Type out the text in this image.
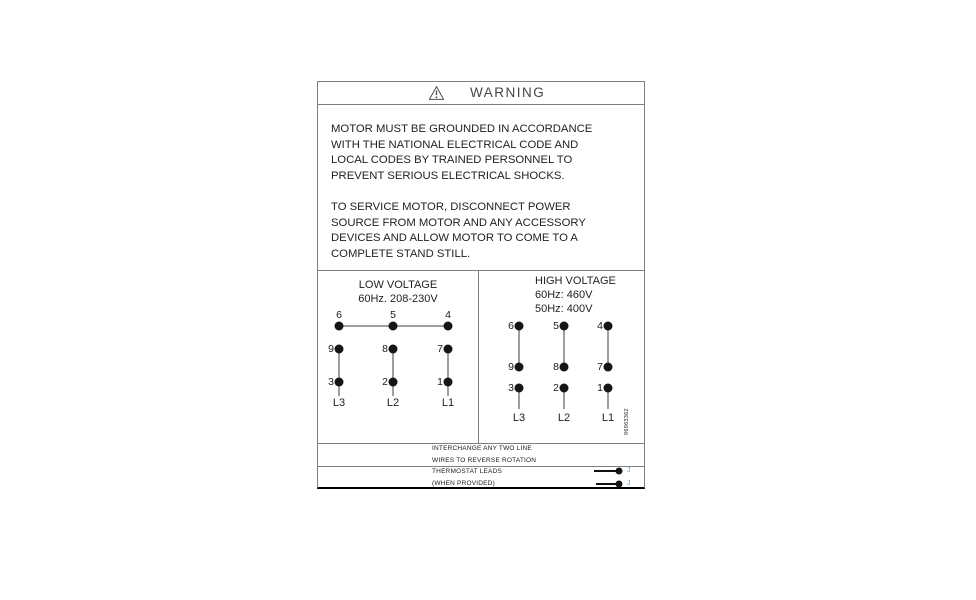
WARNING
MOTOR MUST BE GROUNDED IN ACCORDANCE
WITH THE NATIONAL ELECTRICAL CODE AND
LOCAL CODES BY TRAINED PERSONNEL TO
PREVENT SERIOUS ELECTRICAL SHOCKS.
TO SERVICE MOTOR, DISCONNECT POWER
SOURCE FROM MOTOR AND ANY ACCESSORY
DEVICES AND ALLOW MOTOR TO COME TO A
COMPLETE STAND STILL.
LOW VOLTAGE
60Hz. 208-230V
6	5	4
9	8	7
3	2	1
L3	L2	L1
HIGH VOLTAGE
60Hz: 460V
50Hz: 400V
6	5	4
9	8	7
3	2	1
L3	L2	L1 96963362
INTERCHANGE ANY TWO LINE
WIRES TO REVERSE ROTATION
THERMOSTAT LEADS
(WHEN PROVIDED)
J
J
